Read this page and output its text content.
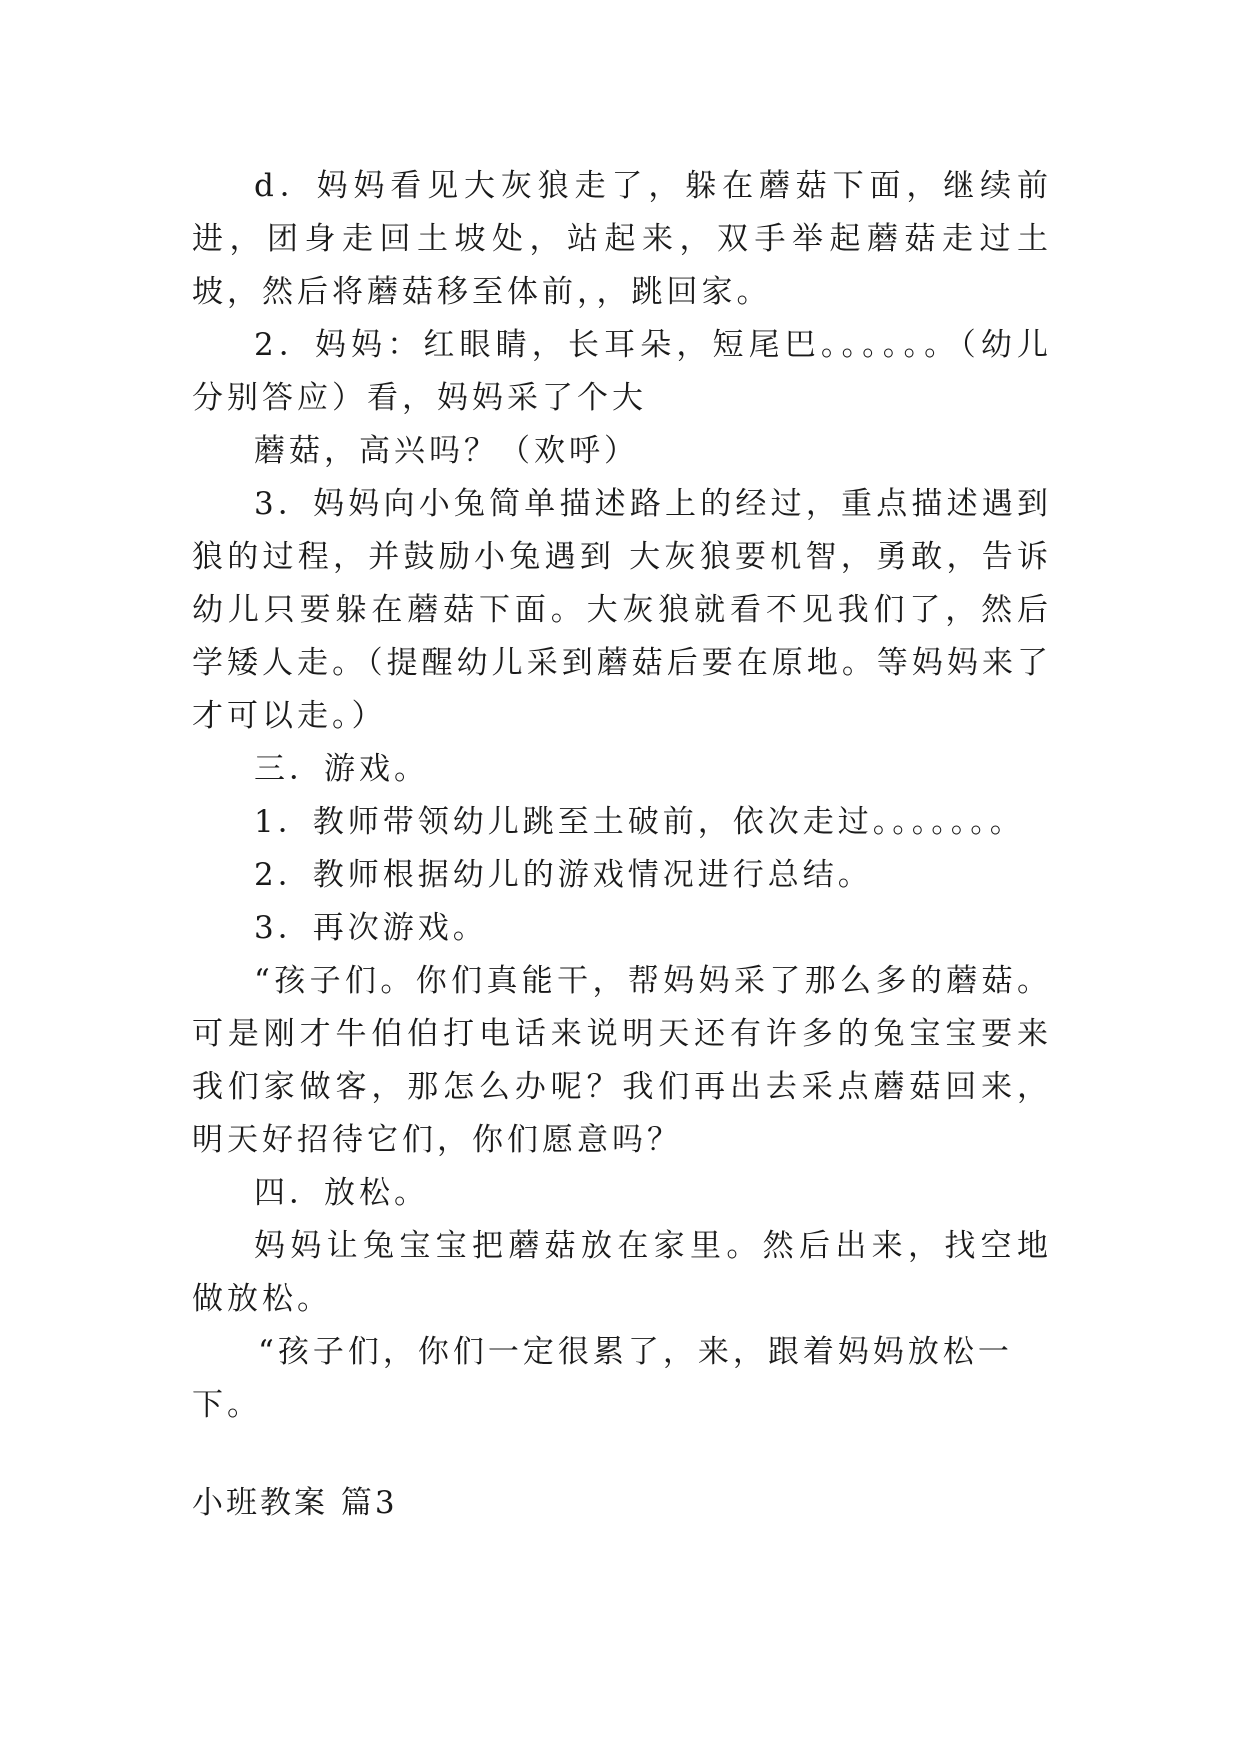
d．妈妈看见大灰狼走了，躲在蘑菇下面，继续前进，团身走回土坡处，站起来，双手举起蘑菇走过土坡，然后将蘑菇移至体前，，跳回家。

2．妈妈：红眼睛，长耳朵，短尾巴。。。。。。（幼儿分别答应）看，妈妈采了个大

蘑菇，高兴吗？（欢呼）

3．妈妈向小兔简单描述路上的经过，重点描述遇到狼的过程，并鼓励小兔遇到 大灰狼要机智，勇敢，告诉幼儿只要躲在蘑菇下面。大灰狼就看不见我们了，然后学矮人走。（提醒幼儿采到蘑菇后要在原地。等妈妈来了才可以走。）

三．游戏。

1．教师带领幼儿跳至土破前，依次走过。。。。。。。

2．教师根据幼儿的游戏情况进行总结。

3．再次游戏。

“孩子们。你们真能干，帮妈妈采了那么多的蘑菇。可是刚才牛伯伯打电话来说明天还有许多的兔宝宝要来我们家做客，那怎么办呢？我们再出去采点蘑菇回来，明天好招待它们，你们愿意吗？

四．放松。

妈妈让兔宝宝把蘑菇放在家里。然后出来，找空地做放松。

“孩子们，你们一定很累了，来，跟着妈妈放松一下。

小班教案 篇3
